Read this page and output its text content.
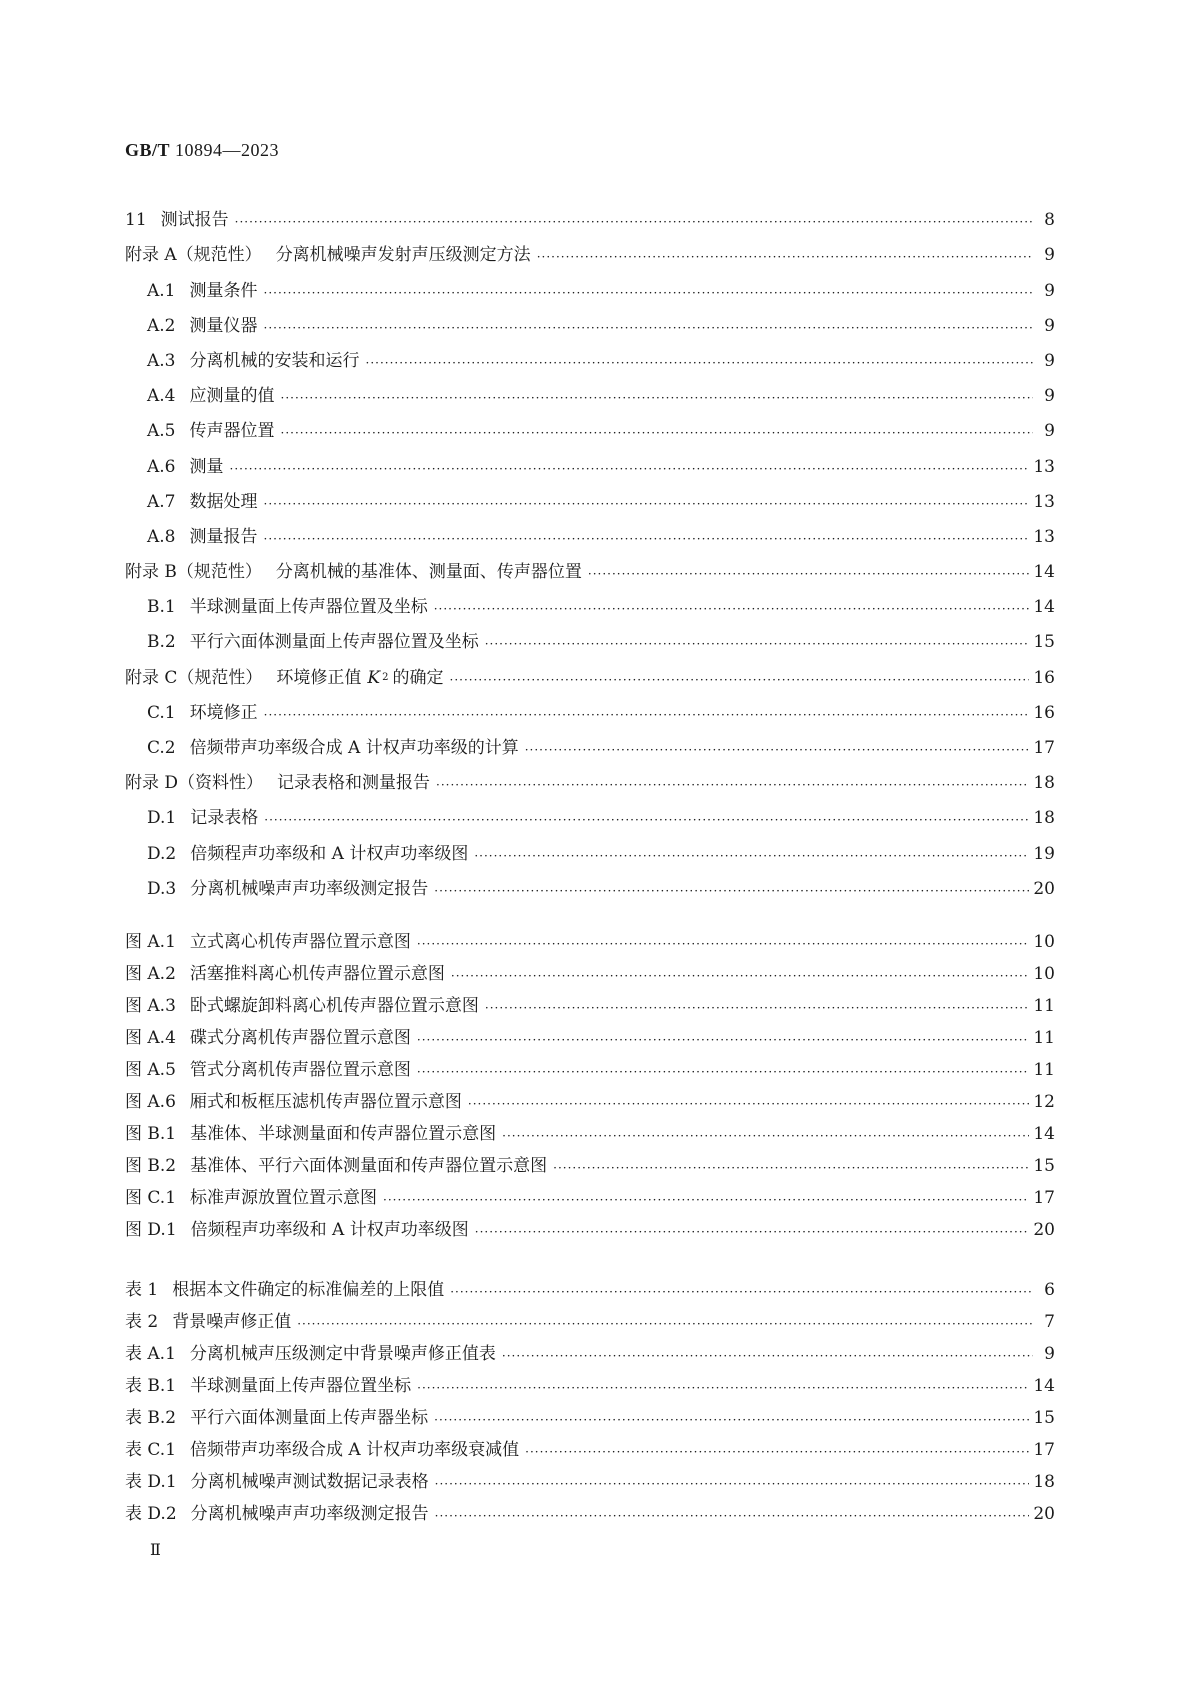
GB/T 10894—2023
11 测试报告 ·····	8
附录 A（规范性） 分离机械噪声发射声压级测定方法 ·····	9
A.1 测量条件 ·····	9
A.2 测量仪器 ·····	9
A.3 分离机械的安装和运行 ·····	9
A.4 应测量的值 ·····	9
A.5 传声器位置 ·····	9
A.6 测量 ·····	13
A.7 数据处理 ·····	13
A.8 测量报告 ·····	13
附录 B（规范性） 分离机械的基准体、测量面、传声器位置 ·····	14
B.1 半球测量面上传声器位置及坐标 ·····	14
B.2 平行六面体测量面上传声器位置及坐标 ·····	15
附录 C（规范性） 环境修正值 K 2 的确定 ·····	16
C.1 环境修正 ·····	16
C.2 倍频带声功率级合成 A 计权声功率级的计算 ·····	17
附录 D（资料性） 记录表格和测量报告 ·····	18
D.1 记录表格 ·····	18
D.2 倍频程声功率级和 A 计权声功率级图 ·····	19
D.3 分离机械噪声声功率级测定报告 ·····	20
图 A.1 立式离心机传声器位置示意图 ·····	10
图 A.2 活塞推料离心机传声器位置示意图 ·····	10
图 A.3 卧式螺旋卸料离心机传声器位置示意图 ·····	11
图 A.4 碟式分离机传声器位置示意图 ·····	11
图 A.5 管式分离机传声器位置示意图 ·····	11
图 A.6 厢式和板框压滤机传声器位置示意图 ·····	12
图 B.1 基准体、半球测量面和传声器位置示意图 ·····	14
图 B.2 基准体、平行六面体测量面和传声器位置示意图 ·····	15
图 C.1 标准声源放置位置示意图 ·····	17
图 D.1 倍频程声功率级和 A 计权声功率级图 ·····	20
表 1 根据本文件确定的标准偏差的上限值 ·····	6
表 2 背景噪声修正值 ·····	7
表 A.1 分离机械声压级测定中背景噪声修正值表 ·····	9
表 B.1 半球测量面上传声器位置坐标 ·····	14
表 B.2 平行六面体测量面上传声器坐标 ·····	15
表 C.1 倍频带声功率级合成 A 计权声功率级衰减值 ·····	17
表 D.1 分离机械噪声测试数据记录表格 ·····	18
表 D.2 分离机械噪声声功率级测定报告 ·····	20
Ⅱ
